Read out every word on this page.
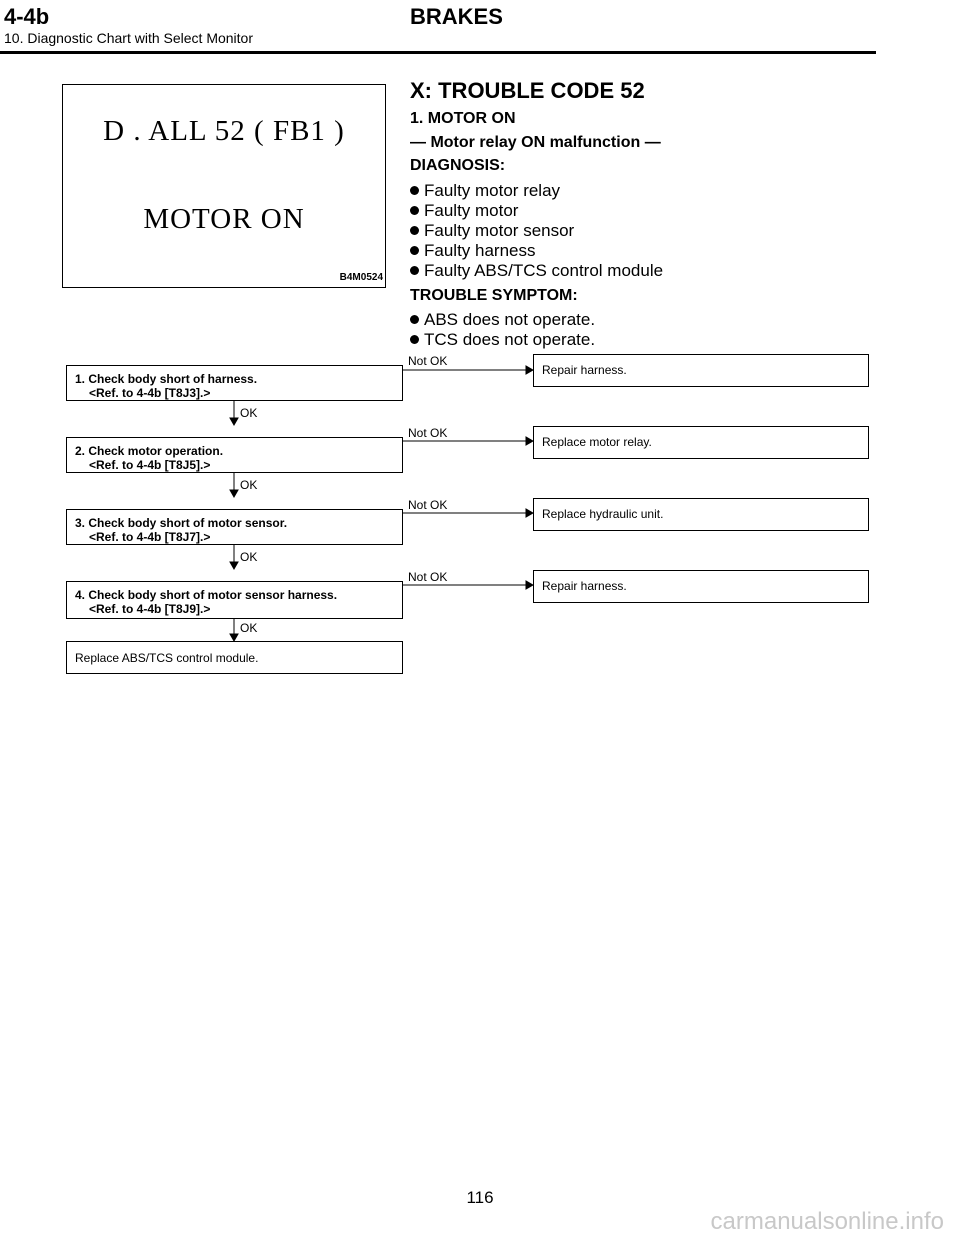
4-4b	BRAKES
10. Diagnostic Chart with Select Monitor
D . ALL 52 ( FB1 )
MOTOR ON
B4M0524
X: TROUBLE CODE 52
1. MOTOR ON
— Motor relay ON malfunction —
DIAGNOSIS:
Faulty motor relay
Faulty motor
Faulty motor sensor
Faulty harness
Faulty ABS/TCS control module
TROUBLE SYMPTOM:
ABS does not operate.
TCS does not operate.
1. Check body short of harness.
<Ref. to 4-4b [T8J3].>
Not OK
Repair harness.
OK
2. Check motor operation.
<Ref. to 4-4b [T8J5].>
Not OK
Replace motor relay.
OK
3. Check body short of motor sensor.
<Ref. to 4-4b [T8J7].>
Not OK
Replace hydraulic unit.
OK
4. Check body short of motor sensor harness.
<Ref. to 4-4b [T8J9].>
Not OK
Repair harness.
OK
Replace ABS/TCS control module.
116
carmanualsonline.info
